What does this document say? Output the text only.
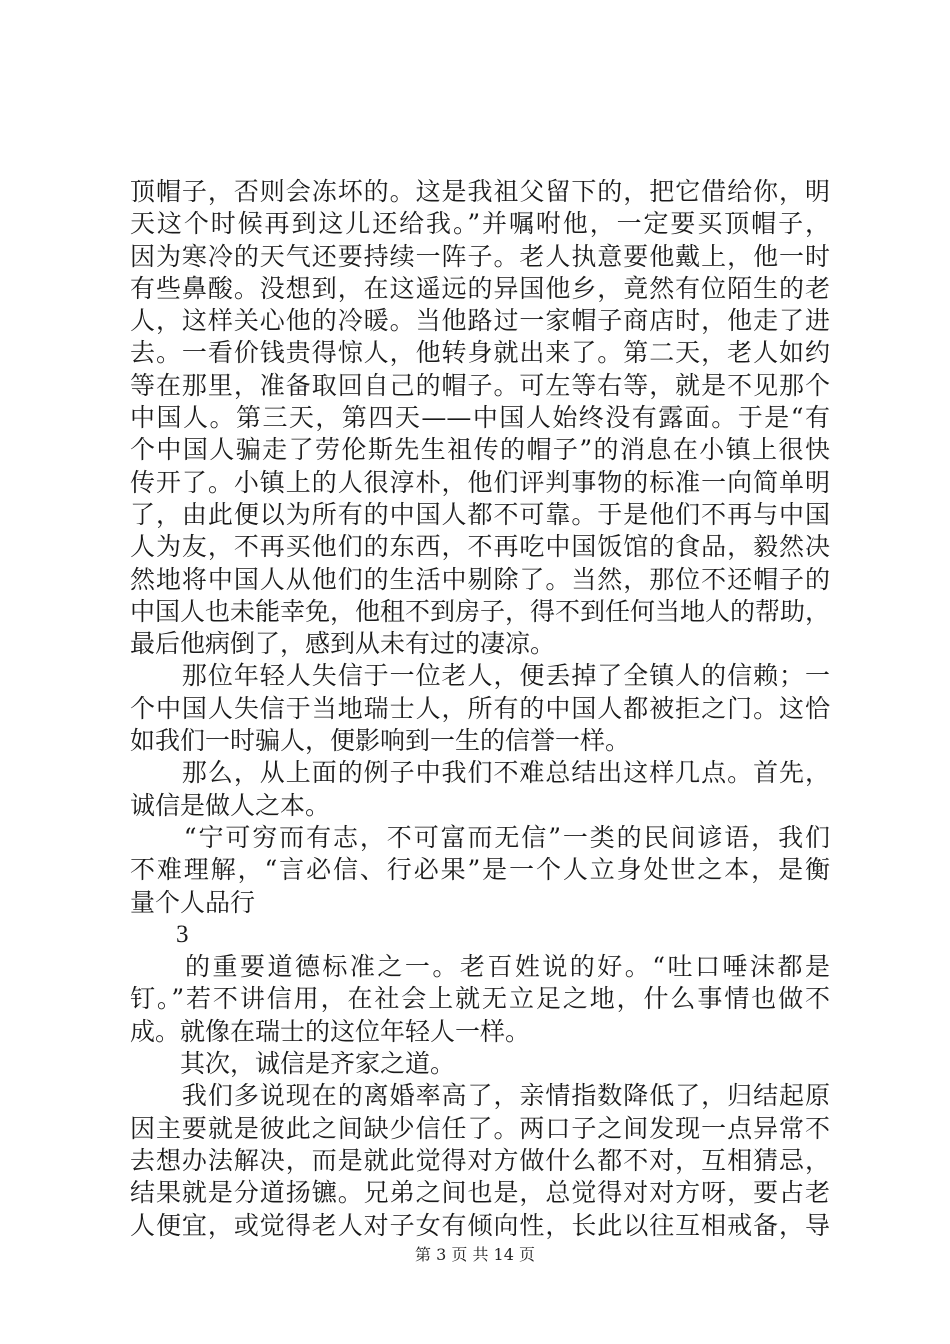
顶帽子，否则会冻坏的。这是我祖父留下的，把它借给你，明
天这个时候再到这儿还给我。”并嘱咐他，一定要买顶帽子，
因为寒冷的天气还要持续一阵子。老人执意要他戴上，他一时
有些鼻酸。没想到，在这遥远的异国他乡，竟然有位陌生的老
人，这样关心他的冷暖。当他路过一家帽子商店时，他走了进
去。一看价钱贵得惊人，他转身就出来了。第二天，老人如约
等在那里，准备取回自己的帽子。可左等右等，就是不见那个
中国人。第三天，第四天——中国人始终没有露面。于是“有
个中国人骗走了劳伦斯先生祖传的帽子”的消息在小镇上很快
传开了。小镇上的人很淳朴，他们评判事物的标准一向简单明
了，由此便以为所有的中国人都不可靠。于是他们不再与中国
人为友，不再买他们的东西，不再吃中国饭馆的食品，毅然决
然地将中国人从他们的生活中剔除了。当然，那位不还帽子的
中国人也未能幸免，他租不到房子，得不到任何当地人的帮助，
最后他病倒了，感到从未有过的凄凉。
　　那位年轻人失信于一位老人，便丢掉了全镇人的信赖；一
个中国人失信于当地瑞士人，所有的中国人都被拒之门。这恰
如我们一时骗人，便影响到一生的信誉一样。
　　那么，从上面的例子中我们不难总结出这样几点。首先，
诚信是做人之本。
　　“宁可穷而有志，不可富而无信”一类的民间谚语，我们
不难理解，“言必信、行必果”是一个人立身处世之本，是衡
量个人品行
3
　　的重要道德标准之一。老百姓说的好。“吐口唾沫都是
钉。”若不讲信用，在社会上就无立足之地，什么事情也做不
成。就像在瑞士的这位年轻人一样。
　　其次，诚信是齐家之道。
　　我们多说现在的离婚率高了，亲情指数降低了，归结起原
因主要就是彼此之间缺少信任了。两口子之间发现一点异常不
去想办法解决，而是就此觉得对方做什么都不对，互相猜忌，
结果就是分道扬镳。兄弟之间也是，总觉得对对方呀，要占老
人便宜，或觉得老人对子女有倾向性，长此以往互相戒备，导
第 3 页 共 14 页
